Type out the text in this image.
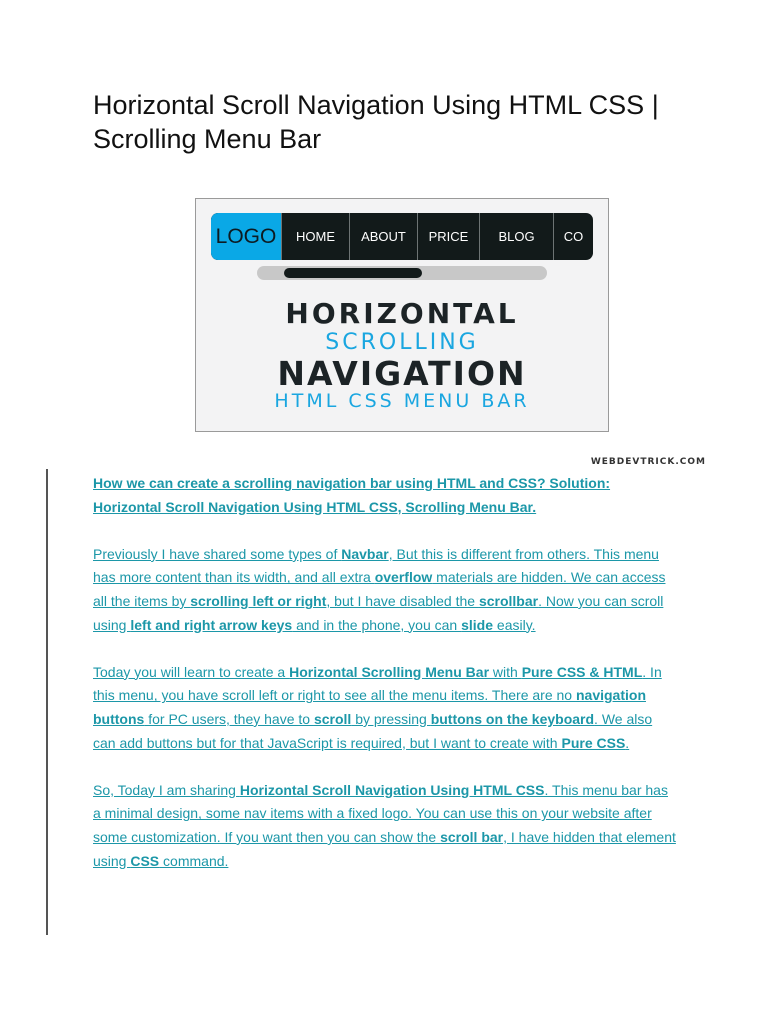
Horizontal Scroll Navigation Using HTML CSS | Scrolling Menu Bar
LOGO	HOME	ABOUT	PRICE	BLOG	CO
HORIZONTAL
SCROLLING
NAVIGATION
HTML CSS MENU BAR
WEBDEVTRICK.COM

How we can create a scrolling navigation bar using HTML and CSS? Solution: Horizontal Scroll Navigation Using HTML CSS, Scrolling Menu Bar.

Previously I have shared some types of Navbar, But this is different from others. This menu has more content than its width, and all extra overflow materials are hidden. We can access all the items by scrolling left or right, but I have disabled the scrollbar. Now you can scroll using left and right arrow keys and in the phone, you can slide easily.

Today you will learn to create a Horizontal Scrolling Menu Bar with Pure CSS & HTML. In this menu, you have scroll left or right to see all the menu items. There are no navigation buttons for PC users, they have to scroll by pressing buttons on the keyboard. We also can add buttons but for that JavaScript is required, but I want to create with Pure CSS.

So, Today I am sharing Horizontal Scroll Navigation Using HTML CSS. This menu bar has a minimal design, some nav items with a fixed logo. You can use this on your website after some customization. If you want then you can show the scroll bar, I have hidden that element using CSS command.
